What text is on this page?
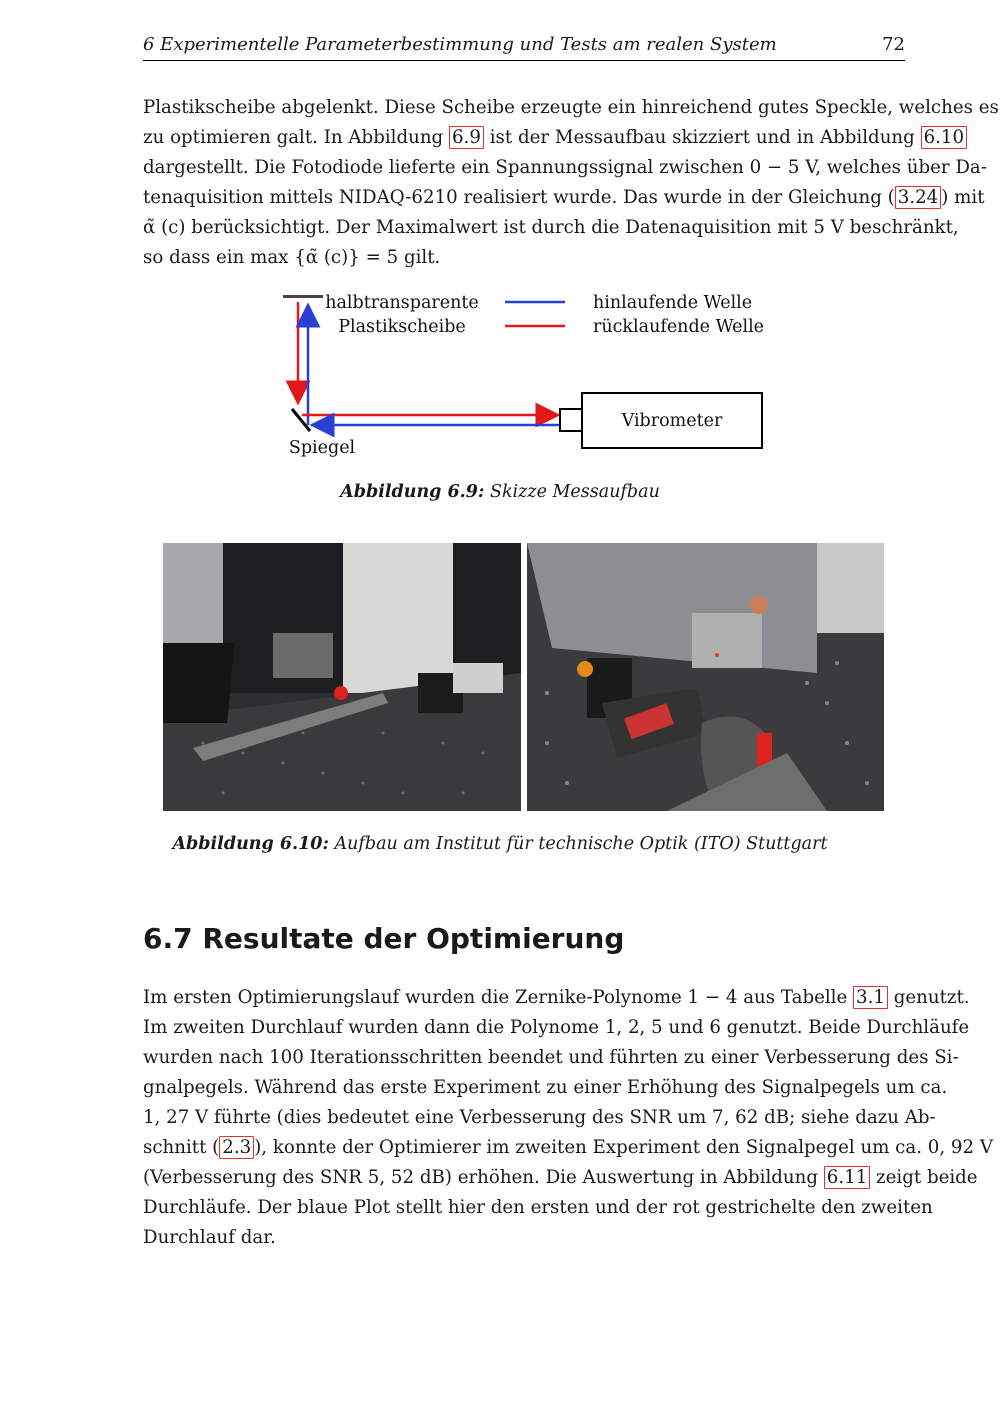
6 Experimentelle Parameterbestimmung und Tests am realen System	72
Plastikscheibe abgelenkt. Diese Scheibe erzeugte ein hinreichend gutes Speckle, welches es
zu optimieren galt. In Abbildung 6.9 ist der Messaufbau skizziert und in Abbildung 6.10
dargestellt. Die Fotodiode lieferte ein Spannungssignal zwischen 0 − 5 V, welches über Da-
tenaquisition mittels NIDAQ-6210 realisiert wurde. Das wurde in der Gleichung ( 3.24 ) mit
α̃ (c) berücksichtigt. Der Maximalwert ist durch die Datenaquisition mit 5 V beschränkt,
so dass ein max {α̃ (c)} = 5 gilt.
Vibrometer
halbtransparente
Plastikscheibe
Spiegel
hinlaufende Welle
rücklaufende Welle
Abbildung 6.9: Skizze Messaufbau
Abbildung 6.10: Aufbau am Institut für technische Optik (ITO) Stuttgart
6.7 Resultate der Optimierung
Im ersten Optimierungslauf wurden die Zernike-Polynome 1 − 4 aus Tabelle 3.1 genutzt.
Im zweiten Durchlauf wurden dann die Polynome 1, 2, 5 und 6 genutzt. Beide Durchläufe
wurden nach 100 Iterationsschritten beendet und führten zu einer Verbesserung des Si-
gnalpegels. Während das erste Experiment zu einer Erhöhung des Signalpegels um ca.
1, 27 V führte (dies bedeutet eine Verbesserung des SNR um 7, 62 dB; siehe dazu Ab-
schnitt ( 2.3 ), konnte der Optimierer im zweiten Experiment den Signalpegel um ca. 0, 92 V
(Verbesserung des SNR 5, 52 dB) erhöhen. Die Auswertung in Abbildung 6.11 zeigt beide
Durchläufe. Der blaue Plot stellt hier den ersten und der rot gestrichelte den zweiten
Durchlauf dar.
